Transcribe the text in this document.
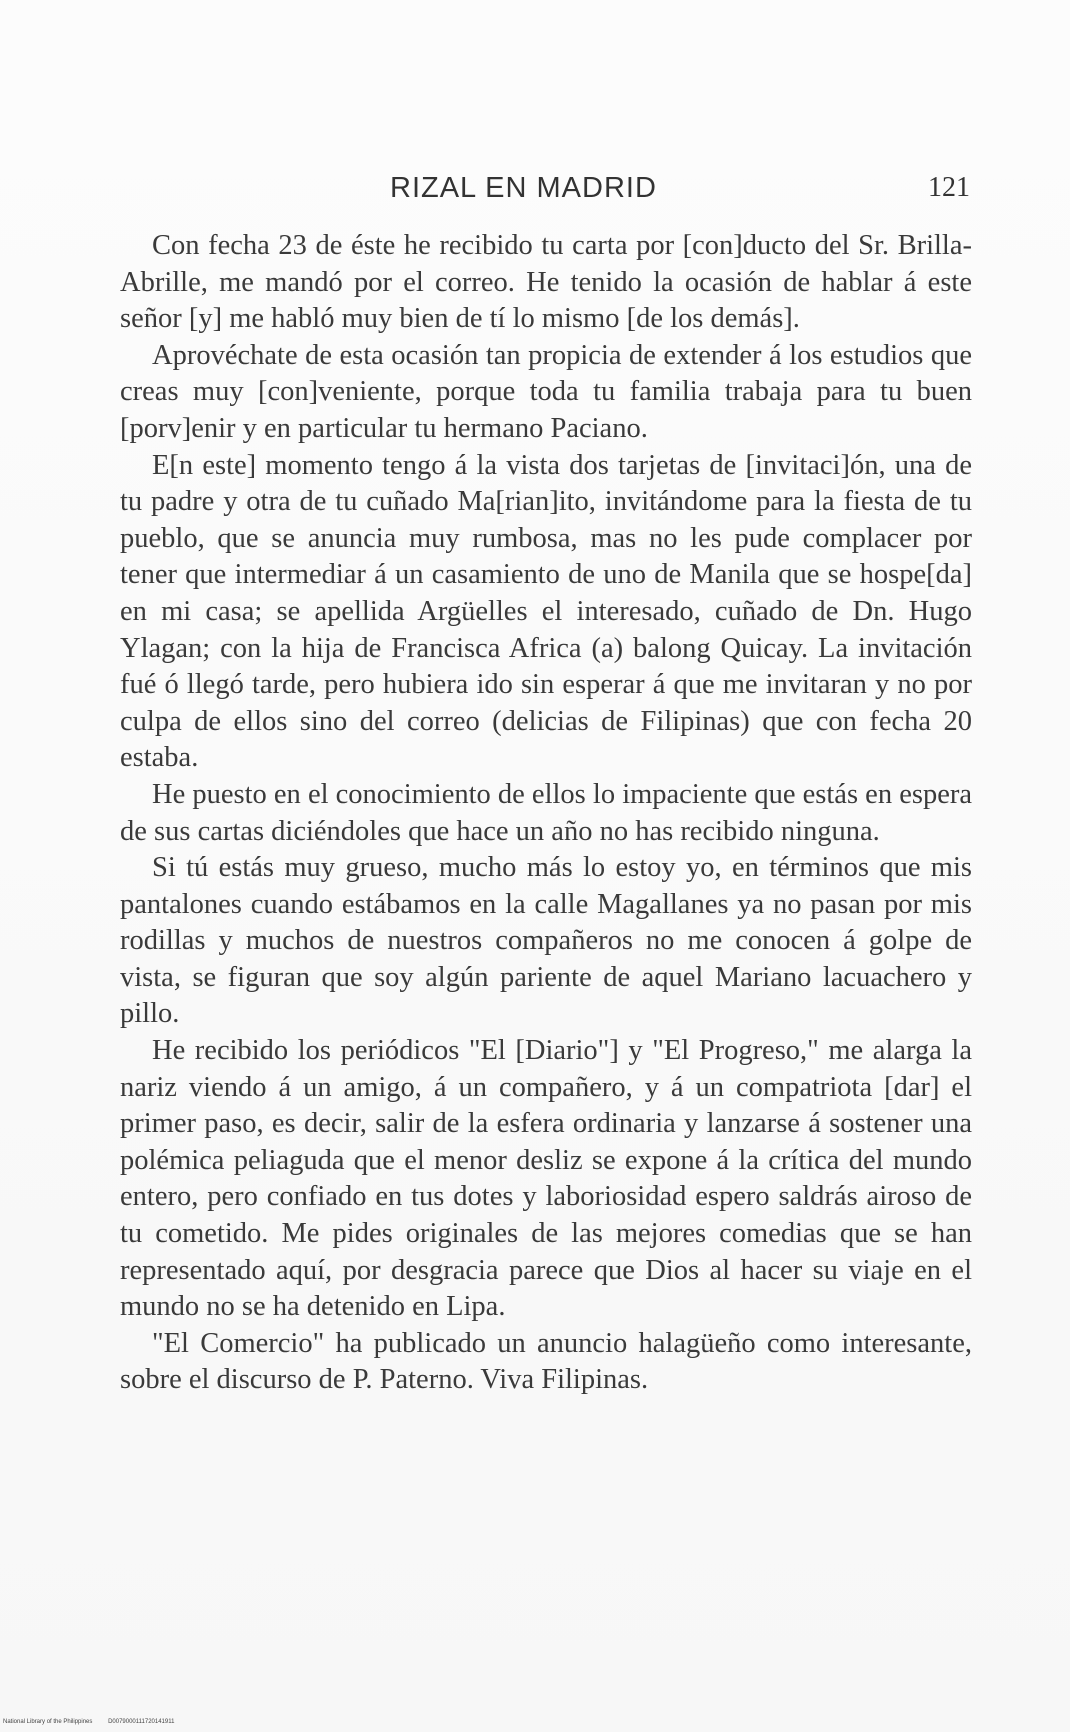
RIZAL EN MADRID	121

Con fecha 23 de éste he recibido tu carta por [con]ducto del Sr. Brilla-Abrille, me mandó por el correo. He tenido la ocasión de hablar á este señor [y] me habló muy bien de tí lo mismo [de los demás].

Aprovéchate de esta ocasión tan propicia de extender á los estudios que creas muy [con]veniente, porque toda tu familia trabaja para tu buen [porv]enir y en particular tu hermano Paciano.

E[n este] momento tengo á la vista dos tarjetas de [invitaci]ón, una de tu padre y otra de tu cuñado Ma[rian]ito, invitándome para la fiesta de tu pueblo, que se anuncia muy rumbosa, mas no les pude complacer por tener que intermediar á un casamiento de uno de Manila que se hospe[da] en mi casa; se apellida Argüelles el interesado, cuñado de Dn. Hugo Ylagan; con la hija de Francisca Africa (a) balong Quicay. La invitación fué ó llegó tarde, pero hubiera ido sin esperar á que me invitaran y no por culpa de ellos sino del correo (delicias de Filipinas) que con fecha 20 estaba.

He puesto en el conocimiento de ellos lo impaciente que estás en espera de sus cartas diciéndoles que hace un año no has recibido ninguna.

Si tú estás muy grueso, mucho más lo estoy yo, en términos que mis pantalones cuando estábamos en la calle Magallanes ya no pasan por mis rodillas y muchos de nuestros compañeros no me conocen á golpe de vista, se figuran que soy algún pariente de aquel Mariano lacuachero y pillo.

He recibido los periódicos "El [Diario"] y "El Progreso," me alarga la nariz viendo á un amigo, á un compañero, y á un compatriota [dar] el primer paso, es decir, salir de la esfera ordinaria y lanzarse á sostener una polémica peliaguda que el menor desliz se expone á la crítica del mundo entero, pero confiado en tus dotes y laboriosidad espero saldrás airoso de tu cometido. Me pides originales de las mejores comedias que se han representado aquí, por desgracia parece que Dios al hacer su viaje en el mundo no se ha detenido en Lipa.

"El Comercio" ha publicado un anuncio halagüeño como interesante, sobre el discurso de P. Paterno. Viva Filipinas.

National Library of the Philippines	D0079000111720141911
